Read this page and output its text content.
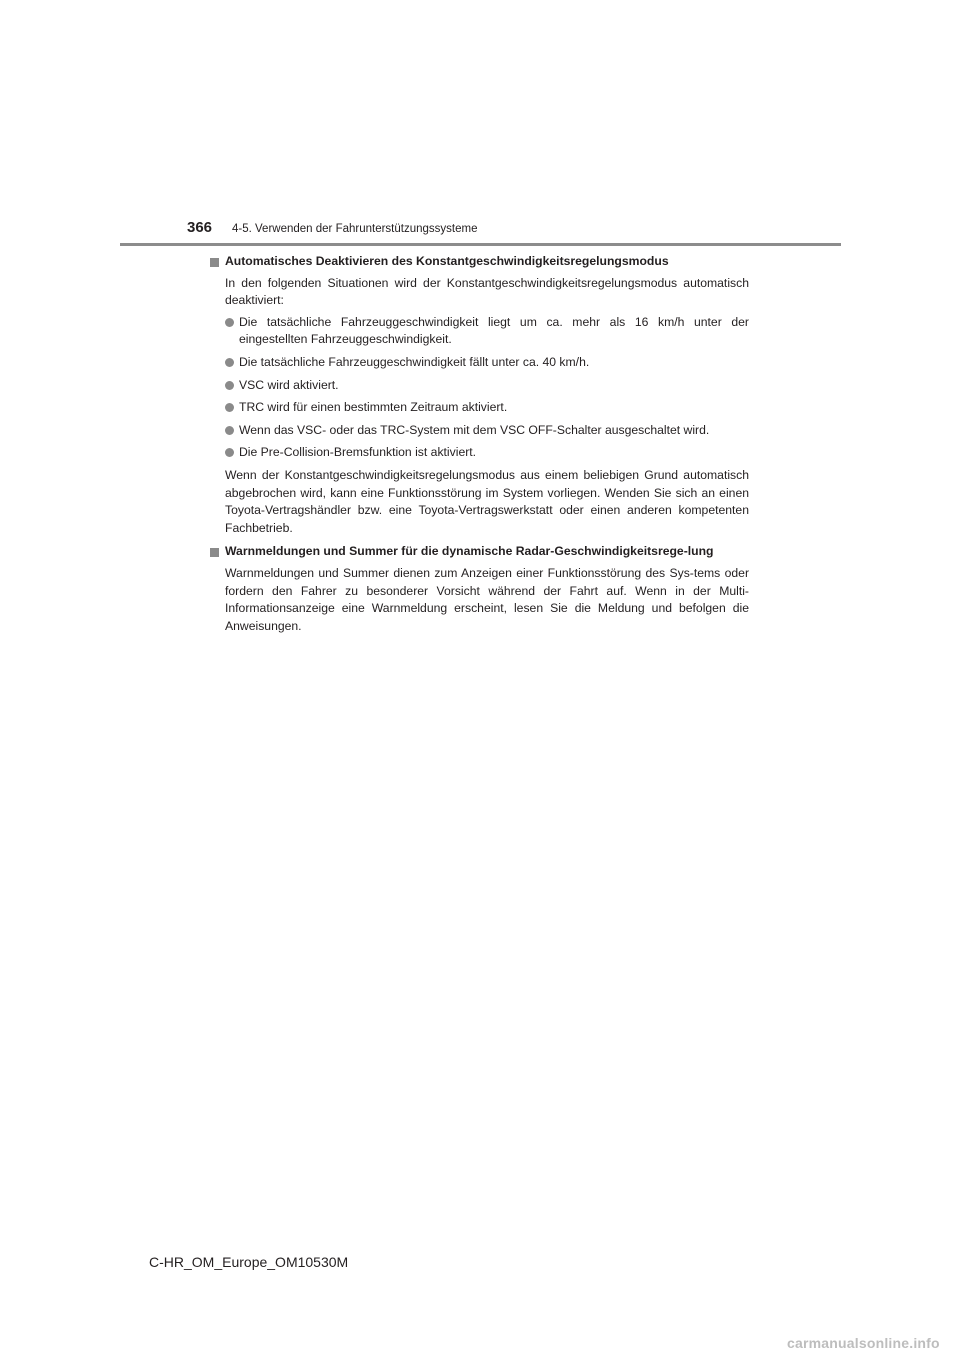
366 4-5. Verwenden der Fahrunterstützungssysteme

Automatisches Deaktivieren des Konstantgeschwindigkeitsregelungsmodus

In den folgenden Situationen wird der Konstantgeschwindigkeitsregelungsmodus automatisch deaktiviert:

Die tatsächliche Fahrzeuggeschwindigkeit liegt um ca. mehr als 16 km/h unter der eingestellten Fahrzeuggeschwindigkeit.
Die tatsächliche Fahrzeuggeschwindigkeit fällt unter ca. 40 km/h.
VSC wird aktiviert.
TRC wird für einen bestimmten Zeitraum aktiviert.
Wenn das VSC- oder das TRC-System mit dem VSC OFF-Schalter ausgeschaltet wird.
Die Pre-Collision-Bremsfunktion ist aktiviert.

Wenn der Konstantgeschwindigkeitsregelungsmodus aus einem beliebigen Grund automatisch abgebrochen wird, kann eine Funktionsstörung im System vorliegen. Wenden Sie sich an einen Toyota-Vertragshändler bzw. eine Toyota-Vertragswerkstatt oder einen anderen kompetenten Fachbetrieb.

Warnmeldungen und Summer für die dynamische Radar-Geschwindigkeitsrege-lung

Warnmeldungen und Summer dienen zum Anzeigen einer Funktionsstörung des Sys-tems oder fordern den Fahrer zu besonderer Vorsicht während der Fahrt auf. Wenn in der Multi-Informationsanzeige eine Warnmeldung erscheint, lesen Sie die Meldung und befolgen die Anweisungen.

C-HR_OM_Europe_OM10530M
carmanualsonline.info
